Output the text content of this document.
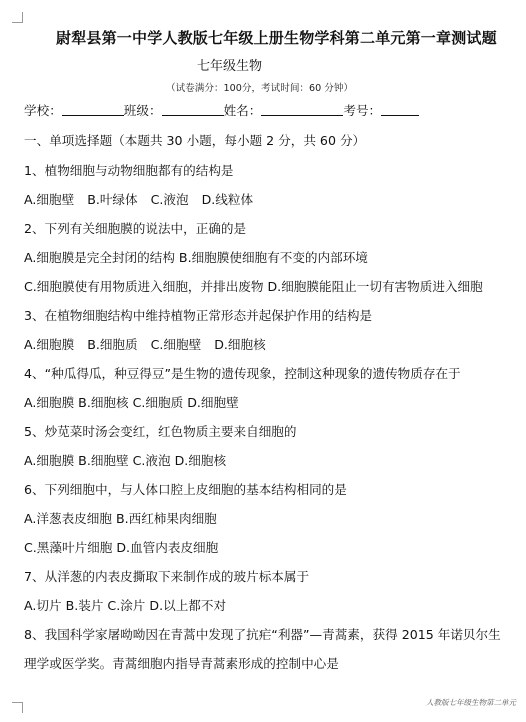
尉犁县第一中学人教版七年级上册生物学科第二单元第一章测试题
七年级生物
（试卷满分：100分，考试时间：60 分钟）
学校：	班级：	姓名：	考号：
一、单项选择题（本题共 30 小题，每小题 2 分，共 60 分）
1、植物细胞与动物细胞都有的结构是
A.细胞壁 B.叶绿体 C.液泡 D.线粒体
2、下列有关细胞膜的说法中，正确的是
A.细胞膜是完全封闭的结构 B.细胞膜使细胞有不变的内部环境
C.细胞膜使有用物质进入细胞，并排出废物 D.细胞膜能阻止一切有害物质进入细胞
3、在植物细胞结构中维持植物正常形态并起保护作用的结构是
A.细胞膜 B.细胞质 C.细胞壁 D.细胞核
4、“种瓜得瓜，种豆得豆”是生物的遗传现象，控制这种现象的遗传物质存在于
A.细胞膜 B.细胞核 C.细胞质 D.细胞壁
5、炒苋菜时汤会变红，红色物质主要来自细胞的
A.细胞膜 B.细胞壁 C.液泡 D.细胞核
6、下列细胞中，与人体口腔上皮细胞的基本结构相同的是
A.洋葱表皮细胞 B.西红柿果肉细胞
C.黑藻叶片细胞 D.血管内表皮细胞
7、从洋葱的内表皮撕取下来制作成的玻片标本属于
A.切片 B.装片 C.涂片 D.以上都不对
8、我国科学家屠呦呦因在青蒿中发现了抗疟“利器”—青蒿素，获得 2015 年诺贝尔生
理学或医学奖。青蒿细胞内指导青蒿素形成的控制中心是
人教版七年级生物第二单元
